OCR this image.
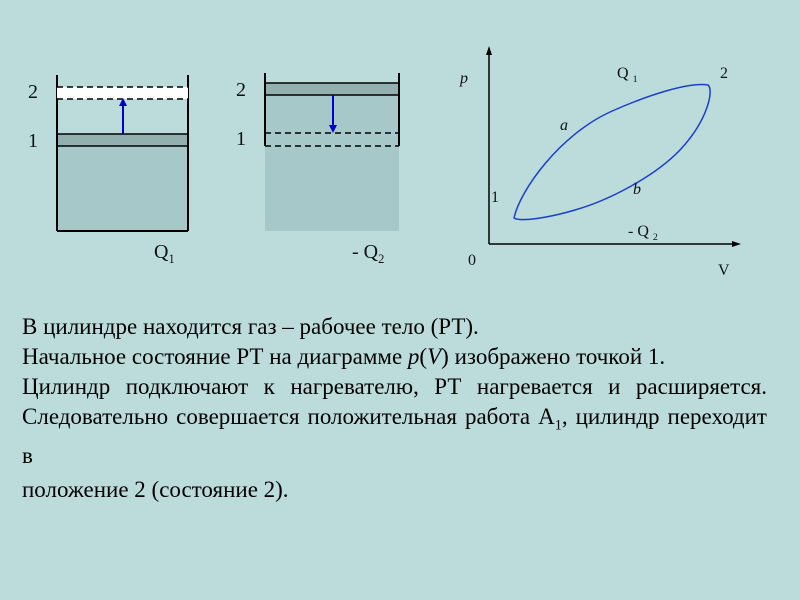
2
1
$Q_1$
2
1
- $Q_2$
p
V
0
1
2
a
b
Q $_1$
- Q $_2$

В цилиндре находится газ – рабочее тело (РТ).

Начальное состояние РТ на диаграмме p(V) изображено точкой 1.

Цилиндр подключают к нагревателю, РТ нагревается и расширяется. Следовательно совершается положительная работа $А_1$, цилиндр переходит в

положение 2 (состояние 2).
